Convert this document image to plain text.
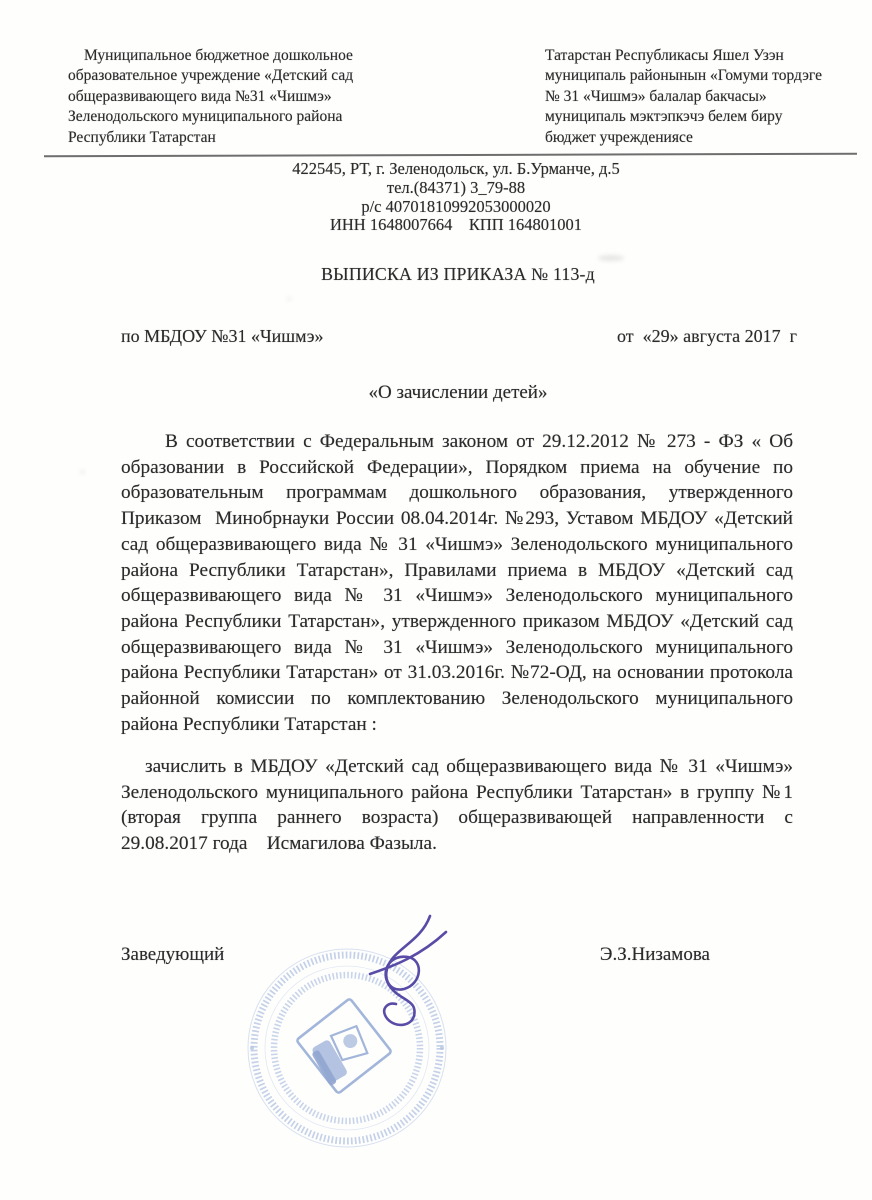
Муниципальное бюджетное дошкольное
образовательное учреждение «Детский сад
общеразвивающего вида №31 «Чишмэ»
Зеленодольского муниципального района
Республики Татарстан
Татарстан Республикасы Яшел Узэн
муниципаль районынын «Гомуми тордэге
№ 31 «Чишмэ» балалар бакчасы»
муниципаль мэктэпкэчэ белем биру
бюджет учреждениясе
422545, РТ, г. Зеленодольск, ул. Б.Урманче, д.5
тел.(84371) 3_79-88
р/с 40701810992053000020
ИНН 1648007664    КПП 164801001
ВЫПИСКА ИЗ ПРИКАЗА № 113-д
по МБДОУ №31 «Чишмэ»	от  «29» августа 2017  г
«О зачислении детей»
В соответствии с Федеральным законом от 29.12.2012 № 273 - ФЗ « Об образовании в Российской Федерации», Порядком приема на обучение по образовательным программам дошкольного образования, утвержденного Приказом  Минобрнауки России 08.04.2014г. №293, Уставом МБДОУ «Детский сад общеразвивающего вида № 31 «Чишмэ» Зеленодольского муниципального района Республики Татарстан», Правилами приема в МБДОУ «Детский сад общеразвивающего вида № 31 «Чишмэ» Зеленодольского муниципального района Республики Татарстан», утвержденного приказом МБДОУ «Детский сад общеразвивающего вида № 31 «Чишмэ» Зеленодольского муниципального района Республики Татарстан» от 31.03.2016г. №72-ОД, на основании протокола районной комиссии по комплектованию Зеленодольского муниципального района Республики Татарстан :
зачислить в МБДОУ «Детский сад общеразвивающего вида № 31 «Чишмэ» Зеленодольского муниципального района Республики Татарстан» в группу №1 (вторая группа раннего возраста) общеразвивающей направленности с 29.08.2017 года    Исмагилова Фазыла.
Заведующий	Э.З.Низамова
